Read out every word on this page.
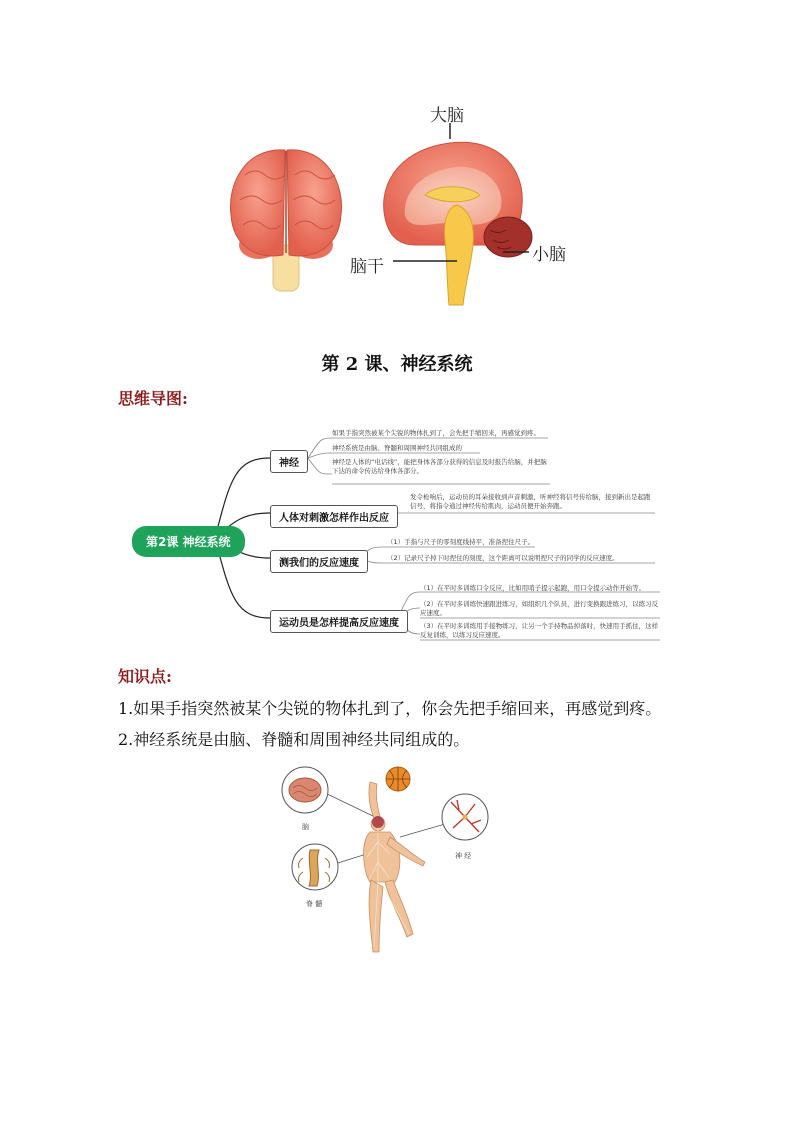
大脑
小脑
脑干
第 2 课、神经系统
思维导图:
第2课 神经系统
神经
人体对刺激怎样作出反应
测我们的反应速度
运动员是怎样提高反应速度
如果手指突然被某个尖锐的物体扎到了，会先把手缩回来，再感觉到疼。
神经系统是由脑、脊髓和周围神经共同组成的
神经是人体的“电话线”，能把身体各部分获得的信息及时报告给脑，并把脑下达的命令传达给身体各部分。
发令枪响后，运动员的耳朵接收到声音刺激，听神经将信号传给脑，接到新出是起跑信号，将指令通过神经传给肌肉，运动员便开始奔跑。
（1）手指与尺子的零刻度线持平，准备捏住尺子。
（2）记录尺子掉下时捏住的刻度，这个距离可以说明捏尺子的同学的反应速度。
（1）在平时多训练口令反应，比如用哨子提示起跑，用口令提示动作开始等。
（2）在平时多训练快速跟进练习，如组织几个队员，进行变换跟进练习，以练习反应速度。
（3）在平时多训练用手接物练习，让另一个手持物品掉落时，快速用手抓住，这样反复训练，以练习反应速度。
知识点:
1.如果手指突然被某个尖锐的物体扎到了，你会先把手缩回来，再感觉到疼。
2.神经系统是由脑、脊髓和周围神经共同组成的。
脑
神 经
脊 髓
